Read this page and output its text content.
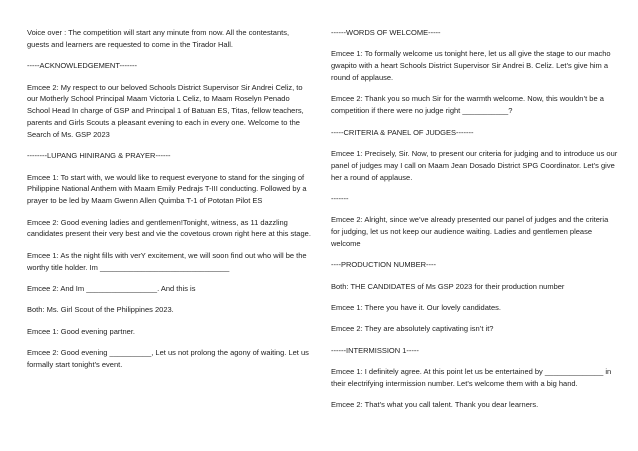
Voice over : The competition will start any minute from now. All the contestants, guests and learners are requested to come in the Tirador Hall.

-----ACKNOWLEDGEMENT-------

Emcee 2: My respect to our beloved Schools District Supervisor Sir Andrei Celiz, to our Motherly School Principal Maam Victoria L Celiz, to Maam Roselyn Penado School Head In charge of GSP and Principal 1 of Batuan ES, Titas, fellow teachers, parents and Girls Scouts a pleasant evening to each in every one. Welcome to the Search of Ms. GSP 2023

--------LUPANG HINIRANG & PRAYER------

Emcee 1: To start with, we would like to request everyone to stand for the singing of Philippine National Anthem with Maam Emily Pedrajs T-III conducting. Followed by a prayer to be led by Maam Gwenn Allen Quimba T-1 of Pototan Pilot ES

Emcee 2: Good evening ladies and gentlemen!Tonight, witness, as 11 dazzling candidates present their very best and vie the covetous crown right here at this stage.

Emcee 1: As the night fills with verY excitement, we will soon find out who will be the worthy title holder. Im _______________________________

Emcee 2: And Im _________________. And this is

Both: Ms. Girl Scout of the Philippines 2023.

Emcee 1: Good evening partner.

Emcee 2: Good evening __________, Let us not prolong the agony of waiting. Let us formally start tonight’s event.

------WORDS OF WELCOME-----

Emcee 1: To formally welcome us tonight here, let us all give the stage to our macho gwapito with a heart Schools District Supervisor Sir Andrei B. Celiz. Let’s give him a round of applause.

Emcee 2: Thank you so much Sir for the warmth welcome. Now, this wouldn’t be a competition if there were no judge right ___________?

-----CRITERIA & PANEL OF JUDGES-------

Emcee 1: Precisely, Sir. Now, to present our criteria for judging and to introduce us our panel of judges may I call on Maam Jean Dosado District SPG Coordinator. Let’s give her a round of applause.

-------

Emcee 2: Alright, since we’ve already presented our panel of judges and the criteria for judging, let us not keep our audience waiting. Ladies and gentlemen please welcome

----PRODUCTION NUMBER----

Both: THE CANDIDATES of Ms GSP 2023 for their production number

Emcee 1: There you have it. Our lovely candidates.

Emcee 2: They are absolutely captivating isn’t it?

------INTERMISSION 1-----

Emcee 1: I definitely agree. At this point let us be entertained by ______________ in their electrifying intermission number. Let’s welcome them with a big hand.

Emcee 2: That’s what you call talent. Thank you dear learners.
